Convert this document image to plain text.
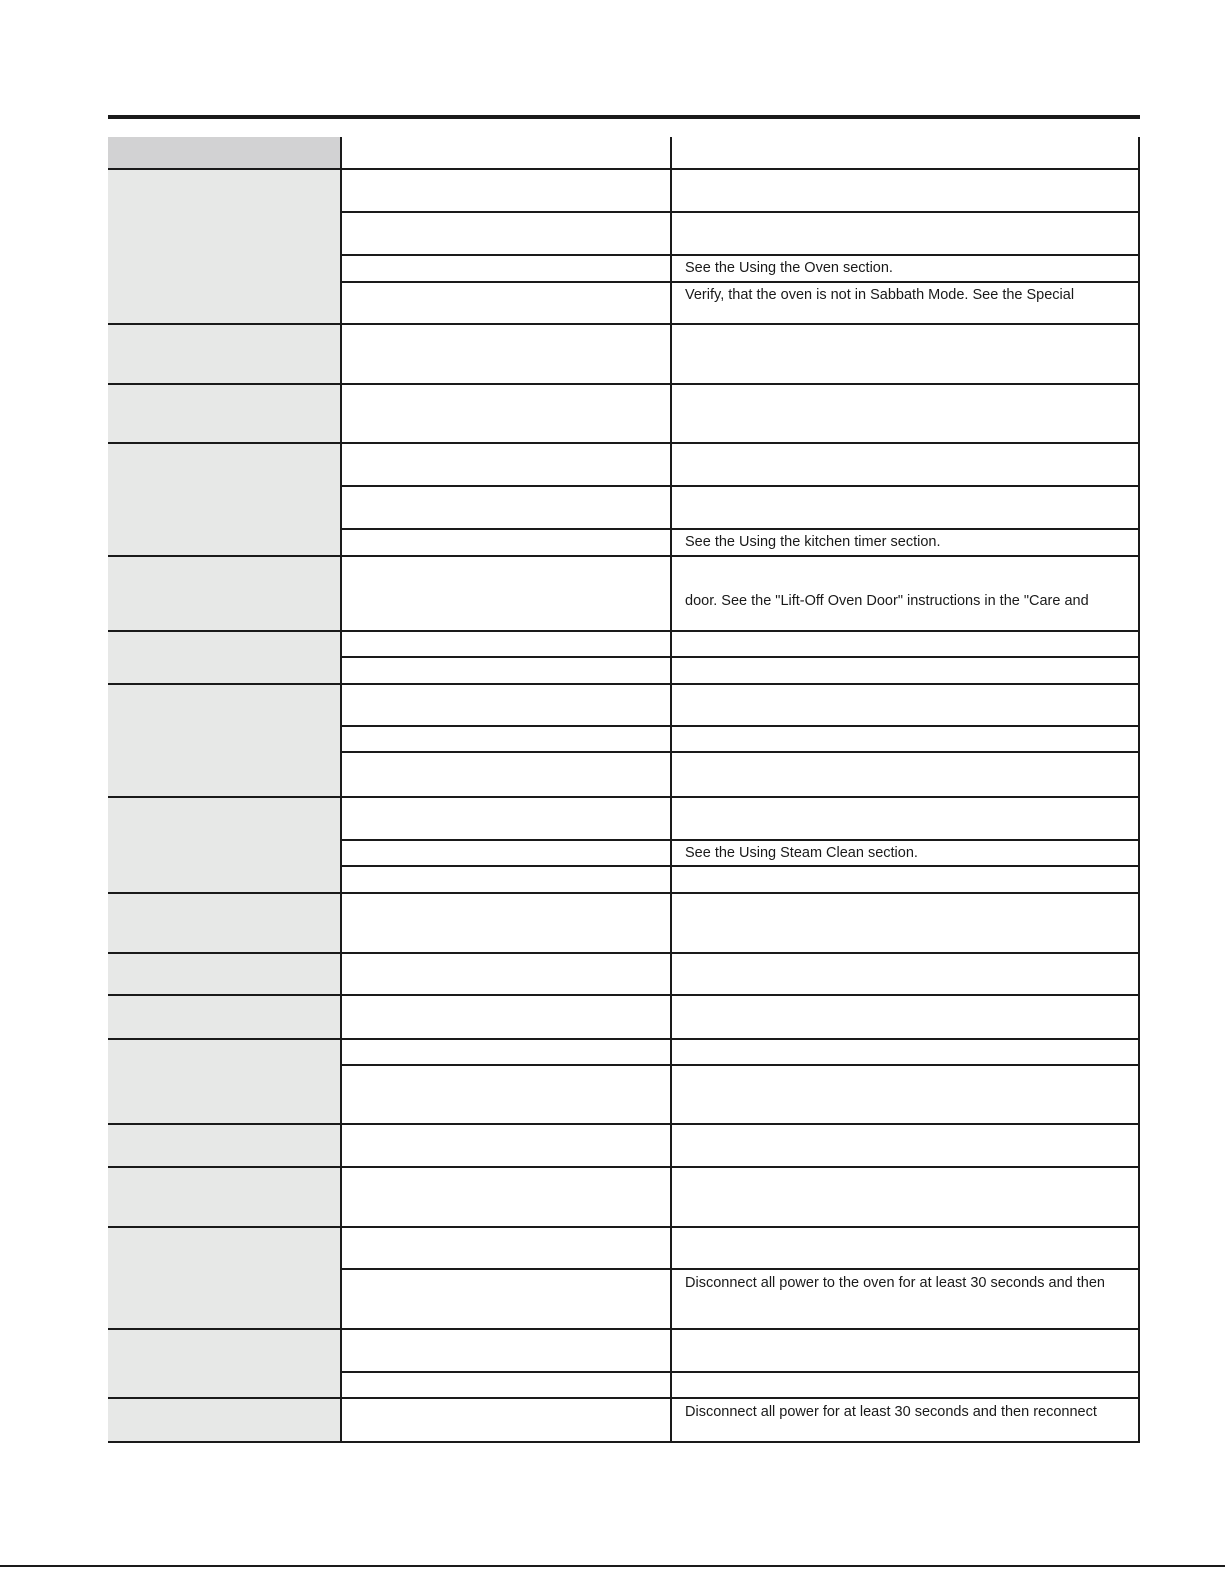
See the Using the Oven section.
Verify, that the oven is not in Sabbath Mode. See the Special
See the Using the kitchen timer section.
door. See the "Lift-Off Oven Door" instructions in the "Care and
See the Using Steam Clean section.
Disconnect all power to the oven for at least 30 seconds and then
Disconnect all power for at least 30 seconds and then reconnect
